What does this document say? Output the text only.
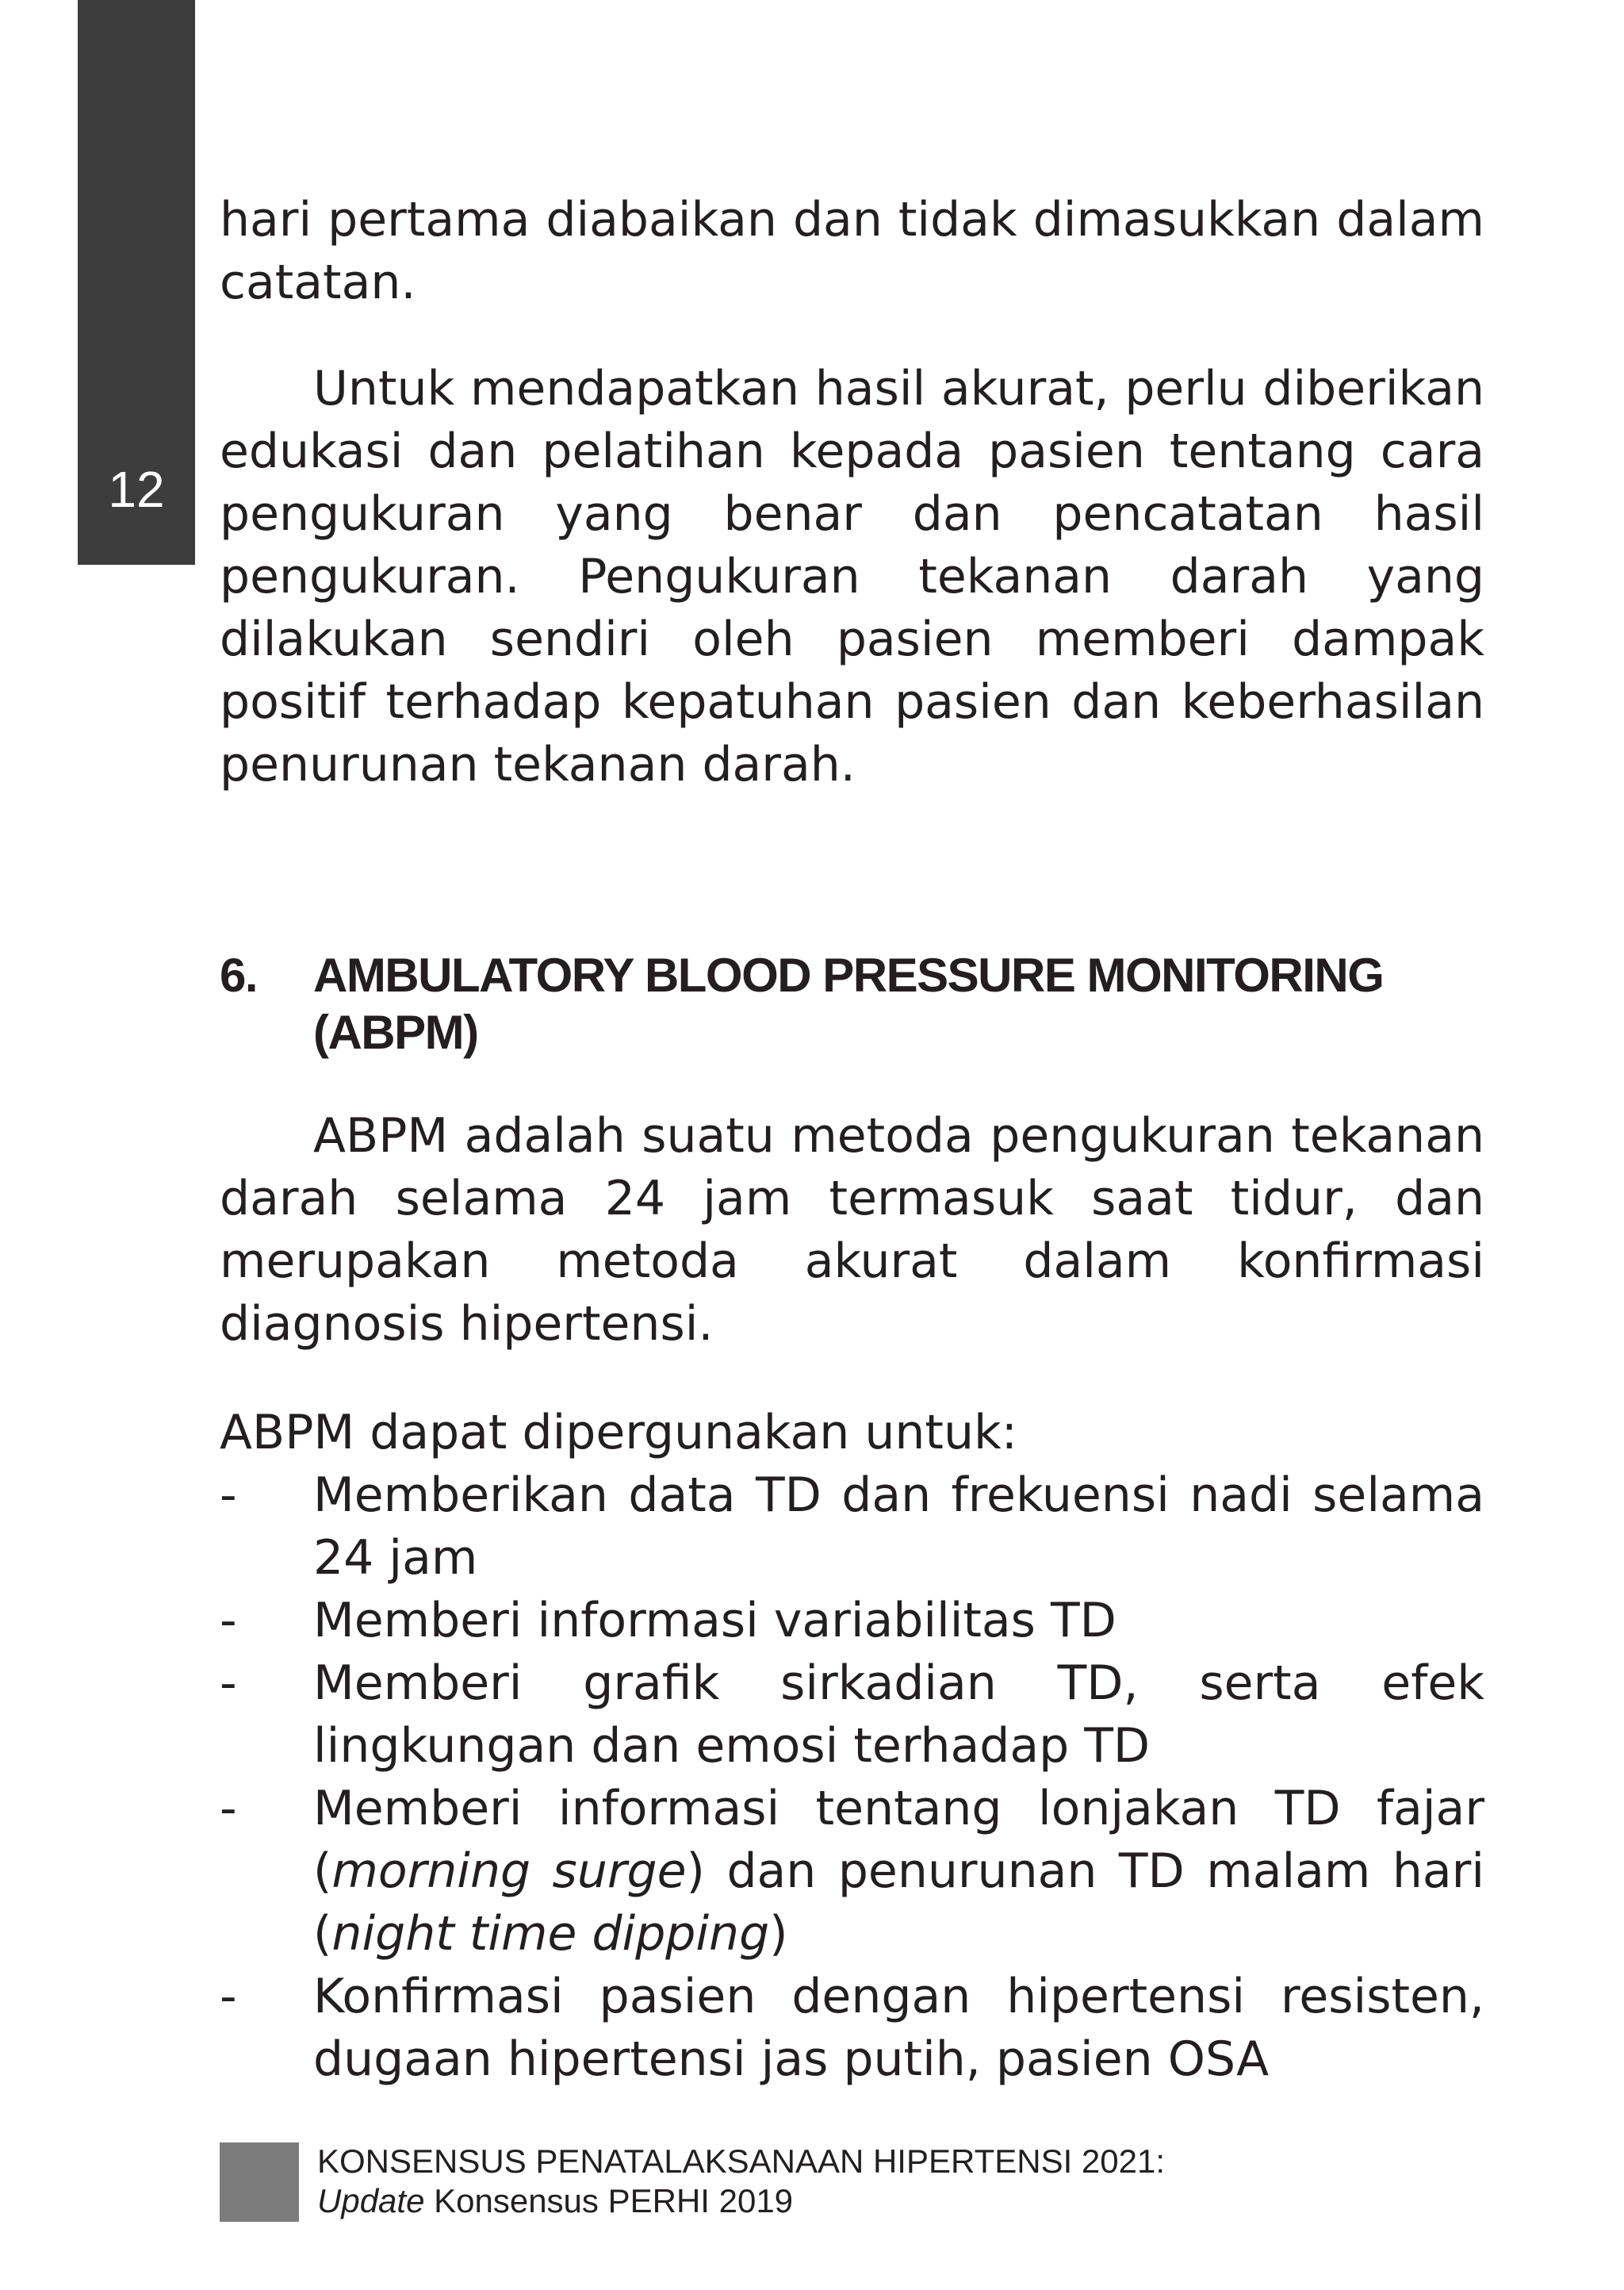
12

hari pertama diabaikan dan tidak dimasukkan dalam catatan.

Untuk mendapatkan hasil akurat, perlu diberikan edukasi dan pelatihan kepada pasien tentang cara pengukuran yang benar dan pencatatan hasil pengukuran. Pengukuran tekanan darah yang dilakukan sendiri oleh pasien memberi dampak positif terhadap kepatuhan pasien dan keberhasilan penurunan tekanan darah.

6. AMBULATORY BLOOD PRESSURE MONITORING (ABPM)

ABPM adalah suatu metoda pengukuran tekanan darah selama 24 jam termasuk saat tidur, dan merupakan metoda akurat dalam konfirmasi diagnosis hipertensi.

ABPM dapat dipergunakan untuk:

- Memberikan data TD dan frekuensi nadi selama 24 jam
- Memberi informasi variabilitas TD
- Memberi grafik sirkadian TD, serta efek lingkungan dan emosi terhadap TD
- Memberi informasi tentang lonjakan TD fajar (morning surge) dan penurunan TD malam hari (night time dipping)
- Konfirmasi pasien dengan hipertensi resisten, dugaan hipertensi jas putih, pasien OSA
KONSENSUS PENATALAKSANAAN HIPERTENSI 2021:
Update Konsensus PERHI 2019
